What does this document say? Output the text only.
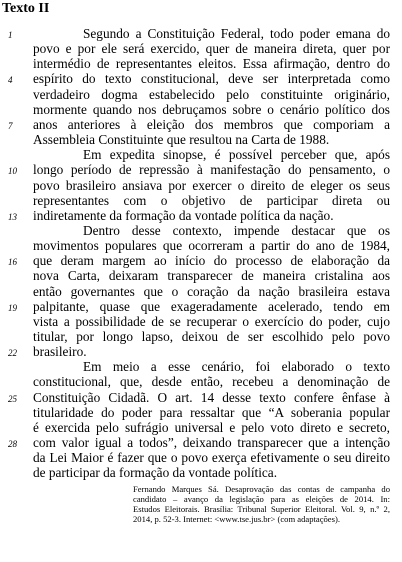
Texto II
Segundo a Constituição Federal, todo poder emana do
povo e por ele será exercido, quer de maneira direta, quer por
intermédio de representantes eleitos. Essa afirmação, dentro do
espírito do texto constitucional, deve ser interpretada como
verdadeiro dogma estabelecido pelo constituinte originário,
mormente quando nos debruçamos sobre o cenário político dos
anos anteriores à eleição dos membros que comporiam a
Assembleia Constituinte que resultou na Carta de 1988.
Em expedita sinopse, é possível perceber que, após
longo período de repressão à manifestação do pensamento, o
povo brasileiro ansiava por exercer o direito de eleger os seus
representantes com o objetivo de participar direta ou
indiretamente da formação da vontade política da nação.
Dentro desse contexto, impende destacar que os
movimentos populares que ocorreram a partir do ano de 1984,
que deram margem ao início do processo de elaboração da
nova Carta, deixaram transparecer de maneira cristalina aos
então governantes que o coração da nação brasileira estava
palpitante, quase que exageradamente acelerado, tendo em
vista a possibilidade de se recuperar o exercício do poder, cujo
titular, por longo lapso, deixou de ser escolhido pelo povo
brasileiro.
Em meio a esse cenário, foi elaborado o texto
constitucional, que, desde então, recebeu a denominação de
Constituição Cidadã. O art. 14 desse texto confere ênfase à
titularidade do poder para ressaltar que “A soberania popular
é exercida pelo sufrágio universal e pelo voto direto e secreto,
com valor igual a todos”, deixando transparecer que a intenção
da Lei Maior é fazer que o povo exerça efetivamente o seu direito
de participar da formação da vontade política.
1
4
7
10
13
16
19
22
25
28
Fernando Marques Sá. Desaprovação das contas de campanha do
candidato – avanço da legislação para as eleições de 2014. In:
Estudos Eleitorais. Brasília: Tribunal Superior Eleitoral. Vol. 9, n.º 2,
2014, p. 52-3. Internet: <www.tse.jus.br> (com adaptações).
